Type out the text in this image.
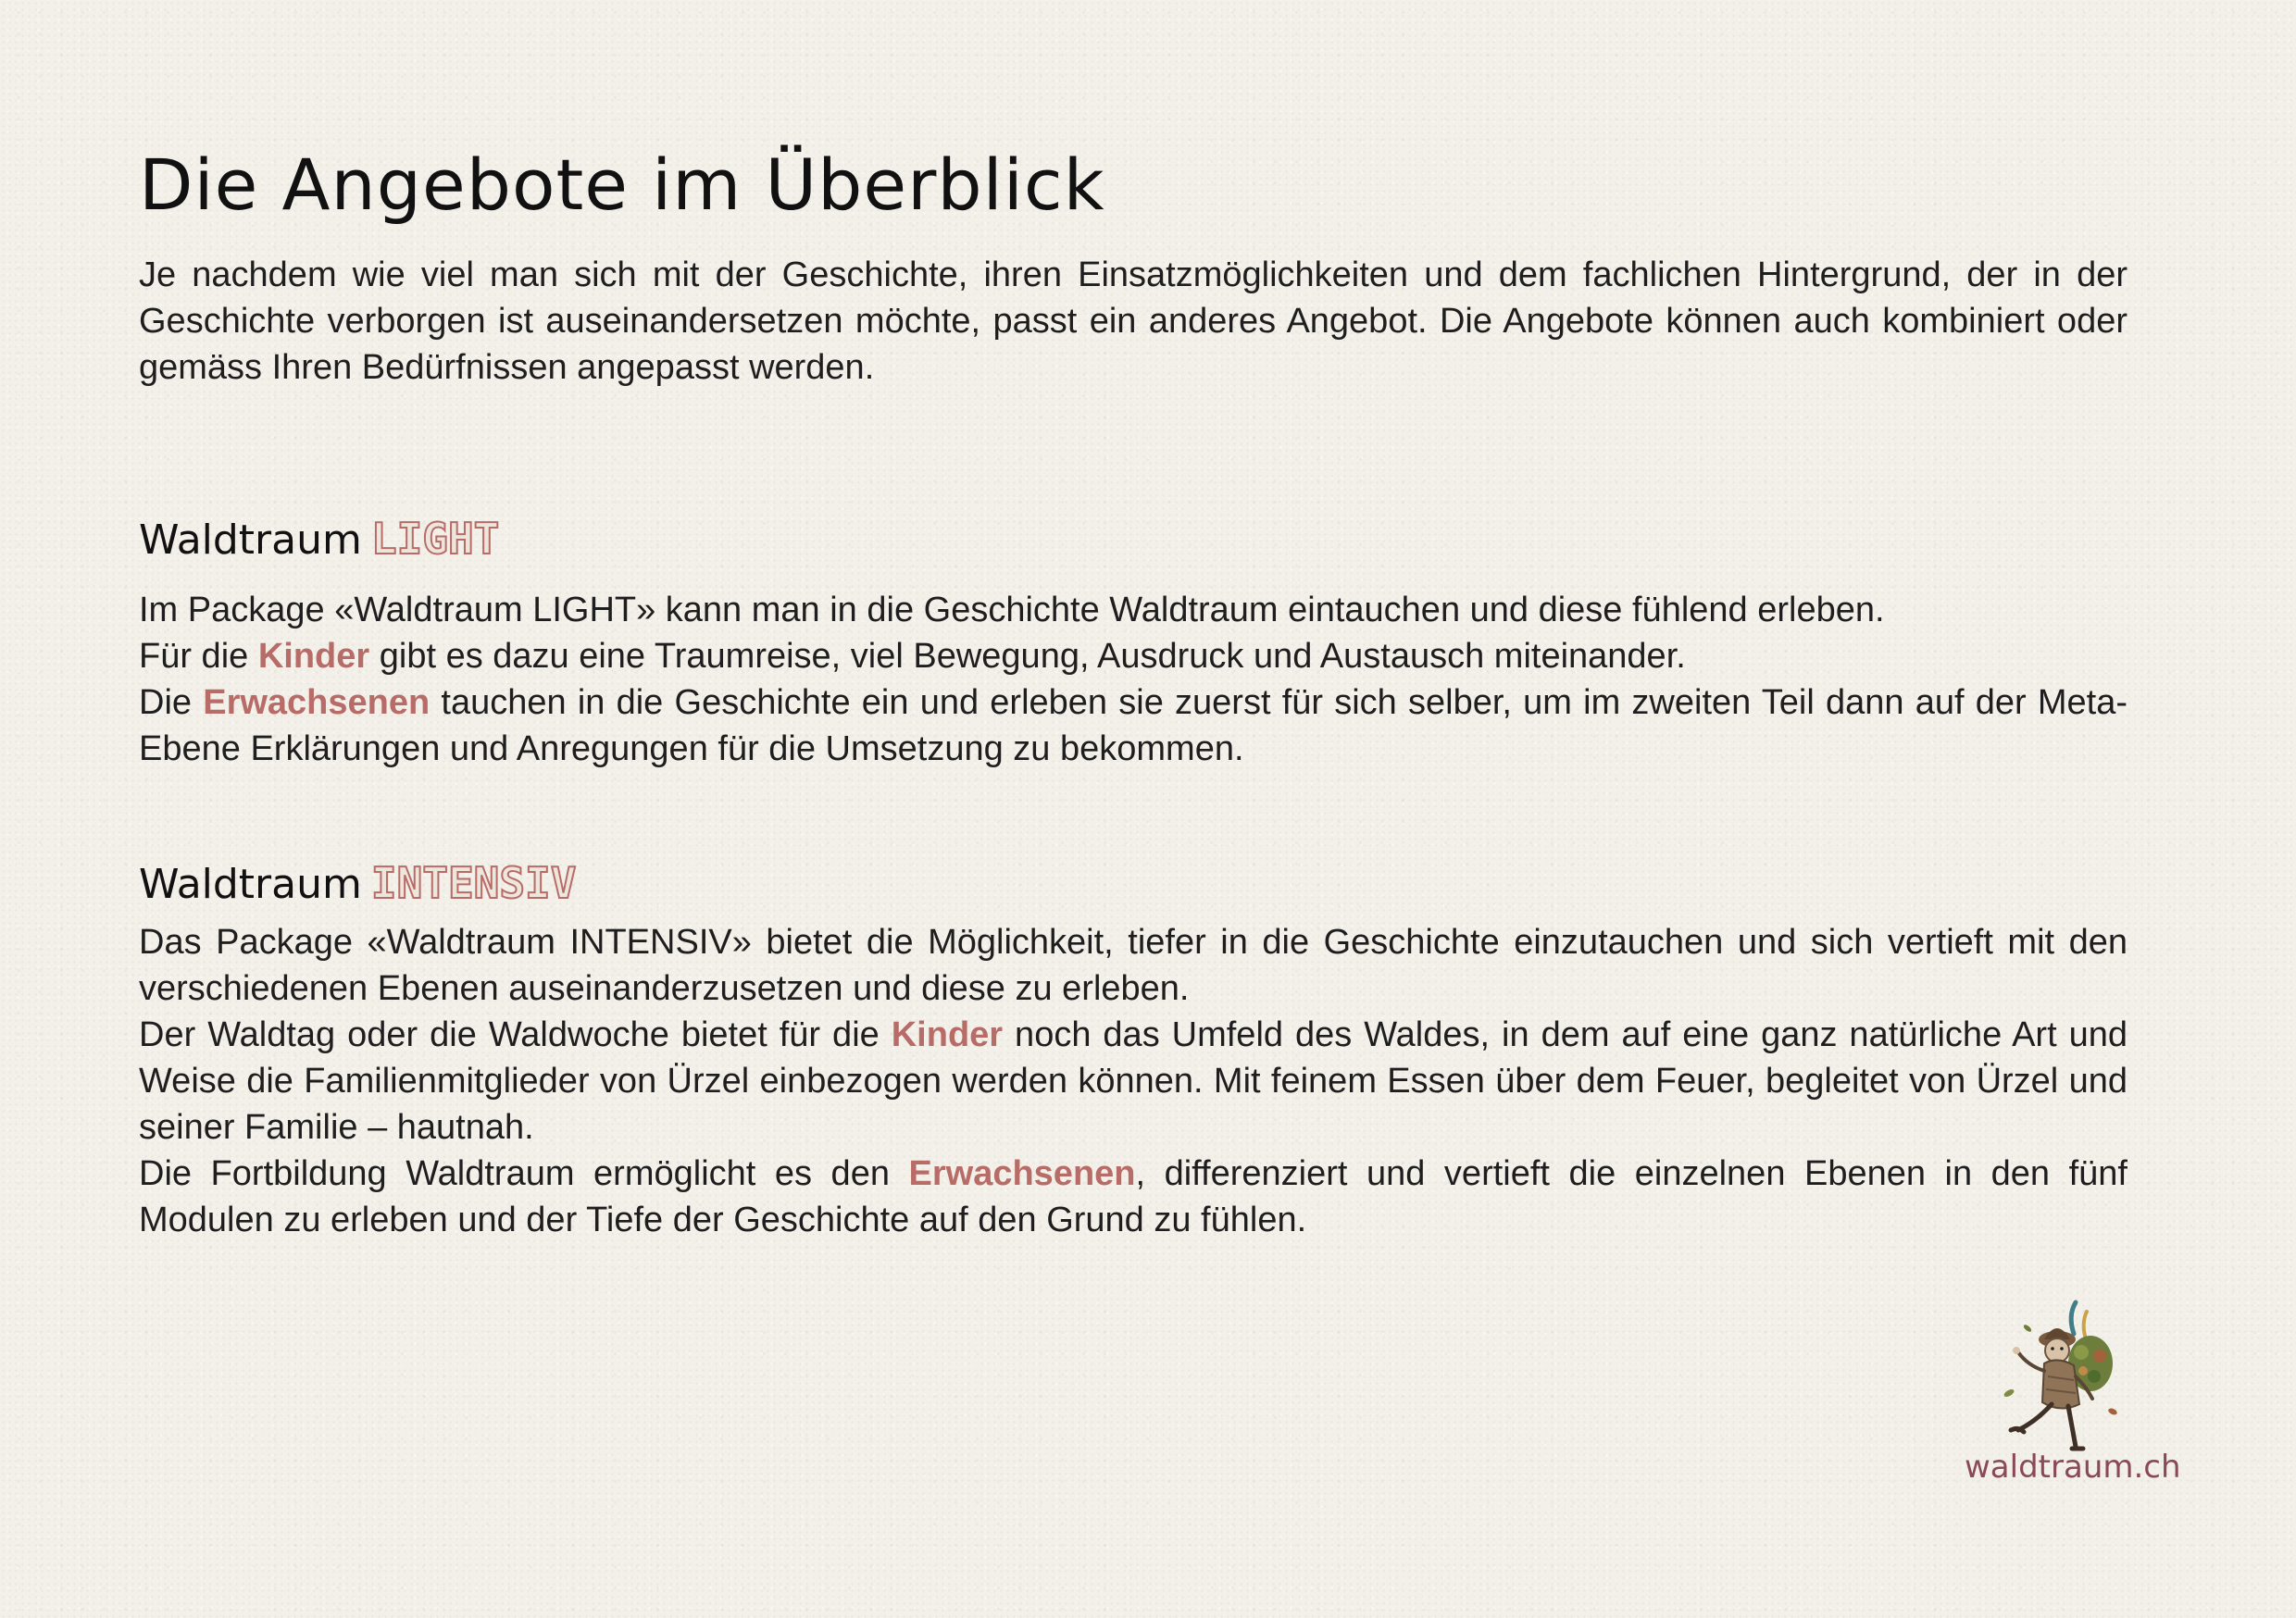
Die Angebote im Überblick

Je nachdem wie viel man sich mit der Geschichte, ihren Einsatzmöglichkeiten und dem fachlichen Hintergrund, der in der Geschichte verborgen ist auseinandersetzen möchte, passt ein anderes Angebot. Die Angebote können auch kombiniert oder gemäss Ihren Bedürfnissen angepasst werden.

Waldtraum LIGHT

Im Package «Waldtraum LIGHT» kann man in die Geschichte Waldtraum eintauchen und diese fühlend erleben.

Für die Kinder gibt es dazu eine Traumreise, viel Bewegung, Ausdruck und Austausch miteinander.

Die Erwachsenen tauchen in die Geschichte ein und erleben sie zuerst für sich selber, um im zweiten Teil dann auf der Meta-Ebene Erklärungen und Anregungen für die Umsetzung zu bekommen.

Waldtraum INTENSIV

Das Package «Waldtraum INTENSIV» bietet die Möglichkeit, tiefer in die Geschichte einzutauchen und sich vertieft mit den verschiedenen Ebenen auseinanderzusetzen und diese zu erleben.

Der Waldtag oder die Waldwoche bietet für die Kinder noch das Umfeld des Waldes, in dem auf eine ganz natürliche Art und Weise die Familienmitglieder von Ürzel einbezogen werden können. Mit feinem Essen über dem Feuer, begleitet von Ürzel und seiner Familie – hautnah.

Die Fortbildung Waldtraum ermöglicht es den Erwachsenen, differenziert und vertieft die einzelnen Ebenen in den fünf Modulen zu erleben und der Tiefe der Geschichte auf den Grund zu fühlen.

waldtraum.ch
